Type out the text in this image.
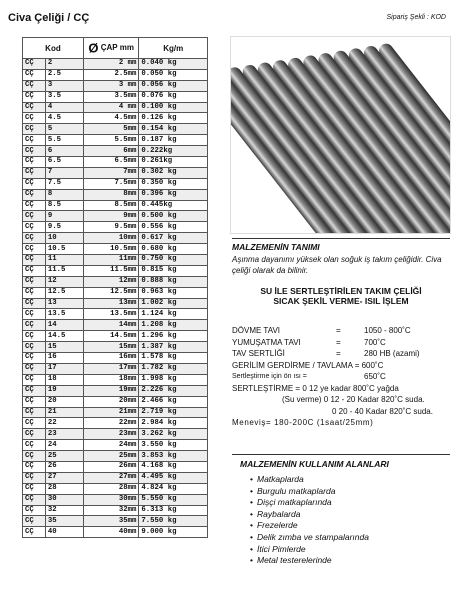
Civa Çeliği / CÇ	Sipariş Şekli : KOD
Kod		Ø ÇAP mm	Kg/m
CÇ	2	2 mm	0.040 kg
CÇ	2.5	2.5mm	0.050 kg
CÇ	3	3 mm	0.056 kg
CÇ	3.5	3.5mm	0.076 kg
CÇ	4	4 mm	0.100 kg
CÇ	4.5	4.5mm	0.126 kg
CÇ	5	5mm	0.154 kg
CÇ	5.5	5.5mm	0.187 kg
CÇ	6	6mm	0.222kg
CÇ	6.5	6.5mm	0.261kg
CÇ	7	7mm	0.302 kg
CÇ	7.5	7.5mm	0.350 kg
CÇ	8	8mm	0.396 kg
CÇ	8.5	8.5mm	0.445kg
CÇ	9	9mm	0.500 kg
CÇ	9.5	9.5mm	0.556 kg
CÇ	10	10mm	0.617 kg
CÇ	10.5	10.5mm	0.680 kg
CÇ	11	11mm	0.750 kg
CÇ	11.5	11.5mm	0.815 kg
CÇ	12	12mm	0.888 kg
CÇ	12.5	12.5mm	0.963 kg
CÇ	13	13mm	1.002 kg
CÇ	13.5	13.5mm	1.124 kg
CÇ	14	14mm	1.208 kg
CÇ	14.5	14.5mm	1.296 kg
CÇ	15	15mm	1.387 kg
CÇ	16	16mm	1.578 kg
CÇ	17	17mm	1.782 kg
CÇ	18	18mm	1.998 kg
CÇ	19	19mm	2.226 kg
CÇ	20	20mm	2.466 kg
CÇ	21	21mm	2.719 kg
CÇ	22	22mm	2.984 kg
CÇ	23	23mm	3.262 kg
CÇ	24	24mm	3.550 kg
CÇ	25	25mm	3.853 kg
CÇ	26	26mm	4.168 kg
CÇ	27	27mm	4.495 kg
CÇ	28	28mm	4.824 kg
CÇ	30	30mm	5.550 kg
CÇ	32	32mm	6.313 kg
CÇ	35	35mm	7.550 kg
CÇ	40	40mm	9.000 kg
MALZEMENİN TANIMI
Aşınma dayanımı yüksek olan soğuk iş takım çeliğidir. Civa çeliği olarak da bilinir.
SU İLE SERTLEŞTİRİLEN TAKIM ÇELİĞİ
SICAK ŞEKİL VERME- ISIL İŞLEM
DÖVME TAVI	=	1050 - 800˚C
YUMUŞATMA TAVI	=	700˚C
TAV SERTLİĞİ	=	280 HB (azami)
GERİLİM GERDİRME / TAVLAMA = 600˚C
Sertleştirme için ön ısı =	650˚C
SERTLEŞTİRME = 0 12 ye kadar 800˚C yağda
(Su verme) 0 12 - 20 Kadar 820˚C suda.
0 20 - 40 Kadar 820˚C suda.
Meneviş= 180-200C (1saat/25mm)
MALZEMENİN KULLANIM ALANLARI
• Matkaplarda
• Burgulu matkaplarda
• Dişçi matkaplarında
• Raybalarda
• Frezelerde
• Delik zımba ve stampalarında
• İtici Pimlerde
• Metal testerelerinde
